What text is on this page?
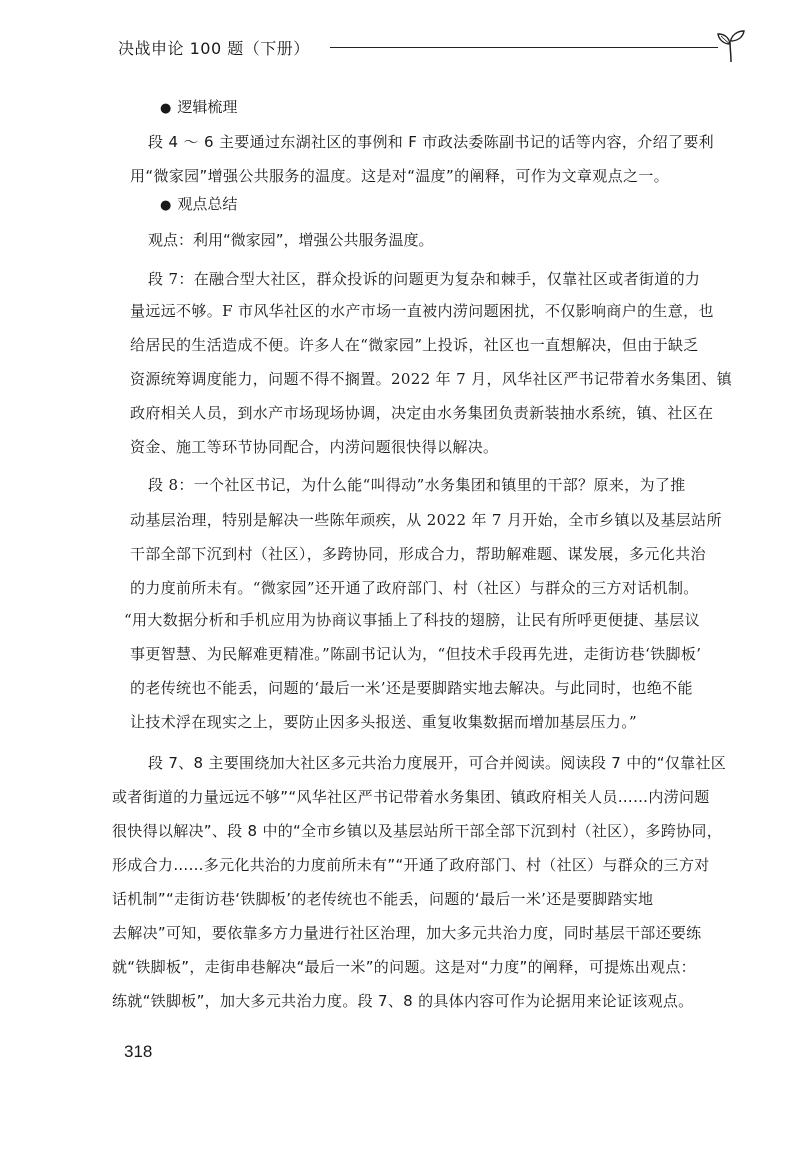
决战申论 100 题（下册）
● 逻辑梳理
段 4 ～ 6 主要通过东湖社区的事例和 F 市政法委陈副书记的话等内容，介绍了要利
用“微家园”增强公共服务的温度。这是对“温度”的阐释，可作为文章观点之一。
● 观点总结
观点：利用“微家园”，增强公共服务温度。
段 7：在融合型大社区，群众投诉的问题更为复杂和棘手，仅靠社区或者街道的力
量远远不够。F 市风华社区的水产市场一直被内涝问题困扰，不仅影响商户的生意，也
给居民的生活造成不便。许多人在“微家园”上投诉，社区也一直想解决，但由于缺乏
资源统筹调度能力，问题不得不搁置。2022 年 7 月，风华社区严书记带着水务集团、镇
政府相关人员，到水产市场现场协调，决定由水务集团负责新装抽水系统，镇、社区在
资金、施工等环节协同配合，内涝问题很快得以解决。
段 8：一个社区书记，为什么能“叫得动”水务集团和镇里的干部？原来，为了推
动基层治理，特别是解决一些陈年顽疾，从 2022 年 7 月开始，全市乡镇以及基层站所
干部全部下沉到村（社区），多跨协同，形成合力，帮助解难题、谋发展，多元化共治
的力度前所未有。“微家园”还开通了政府部门、村（社区）与群众的三方对话机制。
“用大数据分析和手机应用为协商议事插上了科技的翅膀，让民有所呼更便捷、基层议
事更智慧、为民解难更精准。”陈副书记认为，“但技术手段再先进，走街访巷‘铁脚板’
的老传统也不能丢，问题的‘最后一米’还是要脚踏实地去解决。与此同时，也绝不能
让技术浮在现实之上，要防止因多头报送、重复收集数据而增加基层压力。”
段 7、8 主要围绕加大社区多元共治力度展开，可合并阅读。阅读段 7 中的“仅靠社区
或者街道的力量远远不够”“风华社区严书记带着水务集团、镇政府相关人员……内涝问题
很快得以解决”、段 8 中的“全市乡镇以及基层站所干部全部下沉到村（社区），多跨协同，
形成合力……多元化共治的力度前所未有”“开通了政府部门、村（社区）与群众的三方对
话机制”“走街访巷‘铁脚板’的老传统也不能丢，问题的‘最后一米’还是要脚踏实地
去解决”可知，要依靠多方力量进行社区治理，加大多元共治力度，同时基层干部还要练
就“铁脚板”，走街串巷解决“最后一米”的问题。这是对“力度”的阐释，可提炼出观点：
练就“铁脚板”，加大多元共治力度。段 7、8 的具体内容可作为论据用来论证该观点。
318
